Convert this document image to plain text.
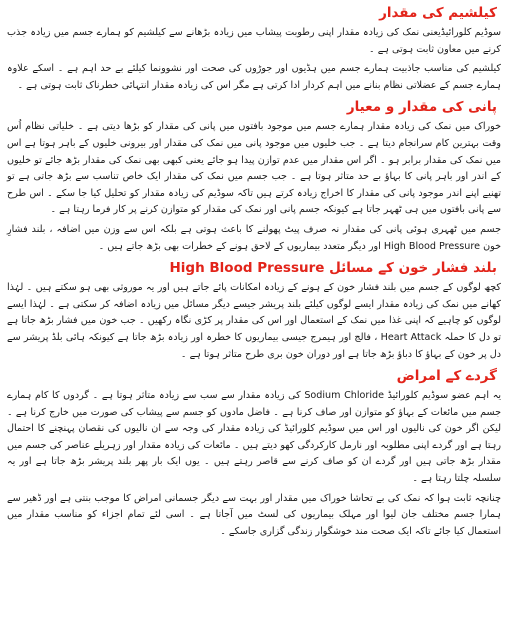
کیلشیم کی مقدار

سوڈیم کلورائیڈیعنی نمک کی زیادہ مقدار اپنی رطوبت پیشاب میں زیادہ بڑھانے سے کیلشیم کو ہمارے جسم میں زیادہ جذب کرنے میں معاون ثابت ہوتی ہے ۔

کیلشیم کی مناسب جاذبیت ہمارے جسم میں ہڈیوں اور جوڑوں کی صحت اور نشوونما کیلئے بے حد اہم ہے ۔ اسکے علاوہ ہمارے جسم کے عضلاتی نظام بنانے میں اہم کردار ادا کرتی ہے مگر اس کی زیادہ مقدار انتہائی خطرناک ثابت ہوتی ہے ۔

پانی کی مقدار و معیار

خوراک میں نمک کی زیادہ مقدار ہمارے جسم میں موجود بافتوں میں پانی کی مقدار کو بڑھا دیتی ہے ۔ خلیاتی نظام اُس وقت بہترین کام سرانجام دیتا ہے ۔ جب خلیوں میں موجود پانی میں نمک کی مقدار اور بیرونی خلیوں کے باہر ہوتا ہے اس میں نمک کی مقدار برابر ہو ۔ اگر اس مقدار میں عدم توازن پیدا ہو جائے یعنی کبھی بھی نمک کی مقدار بڑھ جائے تو خلیوں کے اندر اور باہر پانی کا بہاؤ بے حد متاثر ہوتا ہے ۔ جب جسم میں نمک کی مقدار ایک خاص تناسب سے بڑھ جاتی ہے تو تھنیے اپنے اندر موجود پانی کی مقدار کا اخراج زیادہ کرتے ہیں تاکہ سوڈیم کی زیادہ مقدار کو تحلیل کیا جا سکے ۔ اس طرح سے پانی بافتوں میں ہی ٹھہر جاتا ہے کیونکہ جسم پانی اور نمک کی مقدار کو متوازن کرنے پر کار فرما رہتا ہے ۔

جسم میں ٹھہری ہوئی پانی کی مقدار نہ صرف پیٹ پھولنے کا باعث ہوتی ہے بلکہ اس سے وزن میں اضافہ ، بلند فشارِ خون High Blood Pressure اور دیگر متعدد بیماریوں کے لاحق ہونے کے خطرات بھی بڑھ جاتے ہیں ۔

بلند فشار خون کے مسائل High Blood Pressure

کچھ لوگوں کے جسم میں بلند فشار خون کے ہونے کے زیادہ امکانات پائے جاتے ہیں اور یہ موروثی بھی ہو سکتے ہیں ۔ لہٰذا کھانے میں نمک کی زیادہ مقدار ایسے لوگوں کیلئے بلند پریشر جیسے دیگر مسائل میں زیادہ اضافہ کر سکتی ہے ۔ لہٰذا ایسے لوگوں کو چاہیے کہ اپنی غذا میں نمک کے استعمال اور اس کی مقدار پر کڑی نگاہ رکھیں ۔ جب خون میں فشار بڑھ جاتا ہے تو دل کا حملہ Heart Attack ، فالج اور ہیمرج جیسی بیماریوں کا خطرہ اور زیادہ بڑھ جاتا ہے کیونکہ ہائی بلڈ پریشر سے دل پر خون کے بہاؤ کا دباؤ بڑھ جاتا ہے اور دوران خون بری طرح متاثر ہوتا ہے ۔

گردے کے امراض

یہ اہم عضو سوڈیم کلورائیڈ Sodium Chloride کی زیادہ مقدار سے سب سے زیادہ متاثر ہوتا ہے ۔ گردوں کا کام ہمارے جسم میں مائعات کے بہاؤ کو متوازن اور صاف کرنا ہے ۔ فاضل مادوں کو جسم سے پیشاب کی صورت میں خارج کرنا ہے ۔ لیکن اگر خون کی نالیوں اور اس میں سوڈیم کلورائیڈ کی زیادہ مقدار کی وجہ سے ان نالیوں کی نقصان پہنچنے کا احتمال رہتا ہے اور گردے اپنی مطلوبہ اور نارمل کارکردگی کھو دیتے ہیں ۔ مائعات کی زیادہ مقدار اور زہریلے عناصر کی جسم میں مقدار بڑھ جاتی ہیں اور گردے ان کو صاف کرنے سے قاصر رہتے ہیں ۔ یوں ایک بار پھر بلند پریشر بڑھ جاتا ہے اور یہ سلسلہ چلتا رہتا ہے ۔

چنانچہ ثابت ہوا کہ نمک کی بے تحاشا خوراک میں مقدار اور بہت سے دیگر جسمانی امراض کا موجب بنتی ہے اور ڈھیر سے ہمارا جسم مختلف جان لیوا اور مہلک بیماریوں کی لسٹ میں آجاتا ہے ۔ اسی لئے تمام اجزاء کو مناسب مقدار میں استعمال کیا جائے تاکہ ایک صحت مند خوشگوار زندگی گزاری جاسکے ۔
